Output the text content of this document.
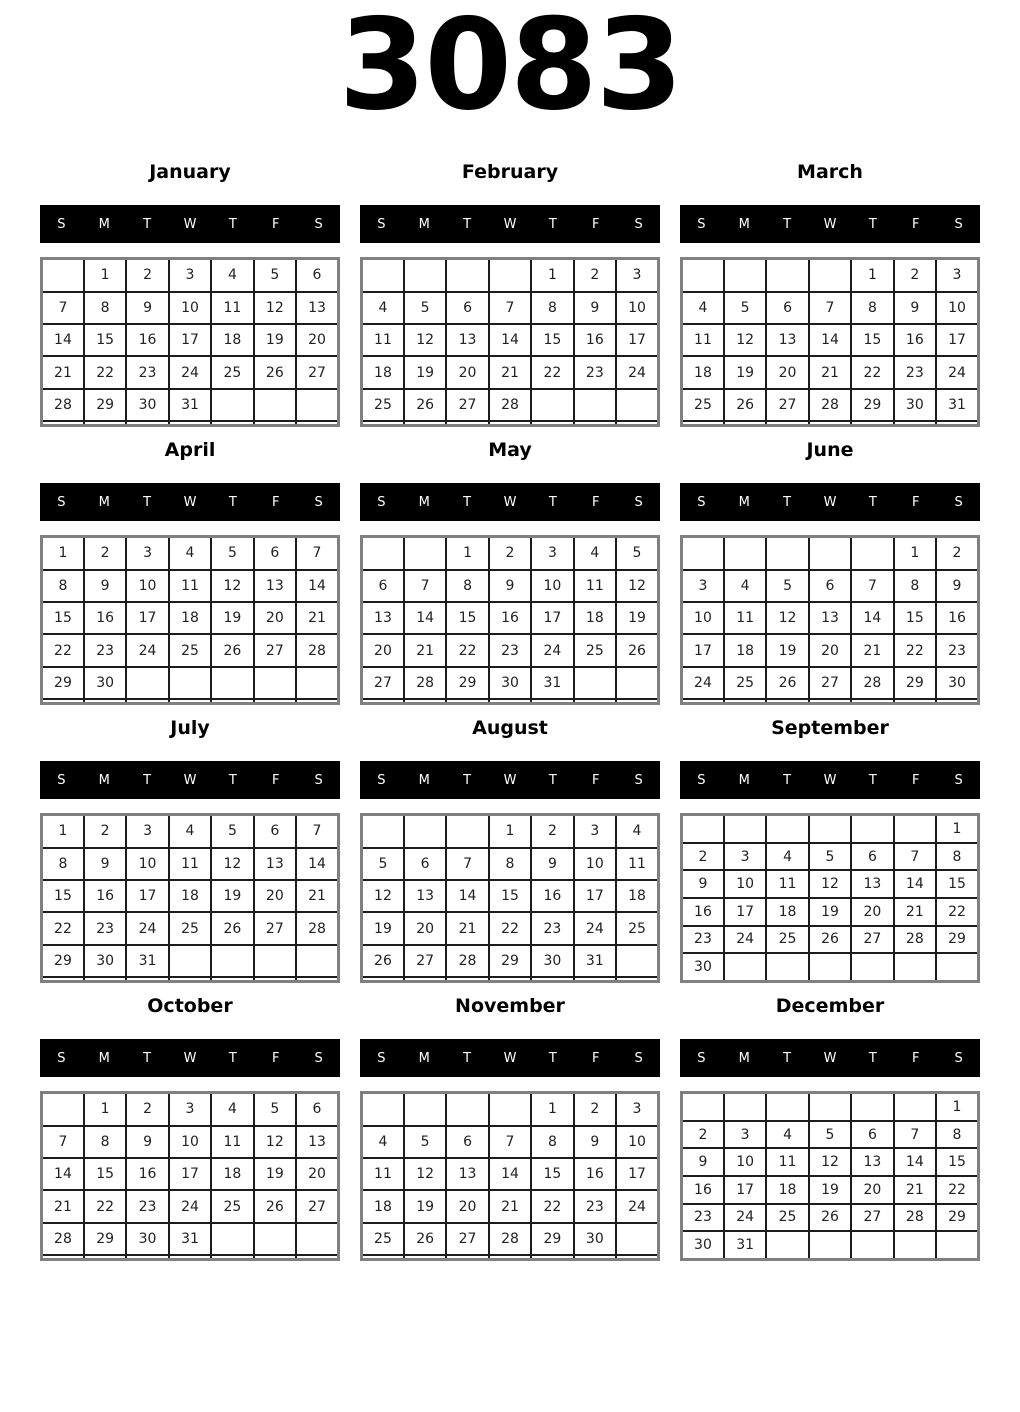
3083
January
S	M	T	W	T	F	S
	1	2	3	4	5	6
7	8	9	10	11	12	13
14	15	16	17	18	19	20
21	22	23	24	25	26	27
28	29	30	31			

February
S	M	T	W	T	F	S
				1	2	3
4	5	6	7	8	9	10
11	12	13	14	15	16	17
18	19	20	21	22	23	24
25	26	27	28			

March
S	M	T	W	T	F	S
				1	2	3
4	5	6	7	8	9	10
11	12	13	14	15	16	17
18	19	20	21	22	23	24
25	26	27	28	29	30	31

April
S	M	T	W	T	F	S
1	2	3	4	5	6	7
8	9	10	11	12	13	14
15	16	17	18	19	20	21
22	23	24	25	26	27	28
29	30					

May
S	M	T	W	T	F	S
		1	2	3	4	5
6	7	8	9	10	11	12
13	14	15	16	17	18	19
20	21	22	23	24	25	26
27	28	29	30	31		

June
S	M	T	W	T	F	S
					1	2
3	4	5	6	7	8	9
10	11	12	13	14	15	16
17	18	19	20	21	22	23
24	25	26	27	28	29	30

July
S	M	T	W	T	F	S
1	2	3	4	5	6	7
8	9	10	11	12	13	14
15	16	17	18	19	20	21
22	23	24	25	26	27	28
29	30	31				

August
S	M	T	W	T	F	S
			1	2	3	4
5	6	7	8	9	10	11
12	13	14	15	16	17	18
19	20	21	22	23	24	25
26	27	28	29	30	31	

September
S	M	T	W	T	F	S
						1
2	3	4	5	6	7	8
9	10	11	12	13	14	15
16	17	18	19	20	21	22
23	24	25	26	27	28	29
30						
October
S	M	T	W	T	F	S
	1	2	3	4	5	6
7	8	9	10	11	12	13
14	15	16	17	18	19	20
21	22	23	24	25	26	27
28	29	30	31			

November
S	M	T	W	T	F	S
				1	2	3
4	5	6	7	8	9	10
11	12	13	14	15	16	17
18	19	20	21	22	23	24
25	26	27	28	29	30	

December
S	M	T	W	T	F	S
						1
2	3	4	5	6	7	8
9	10	11	12	13	14	15
16	17	18	19	20	21	22
23	24	25	26	27	28	29
30	31					
